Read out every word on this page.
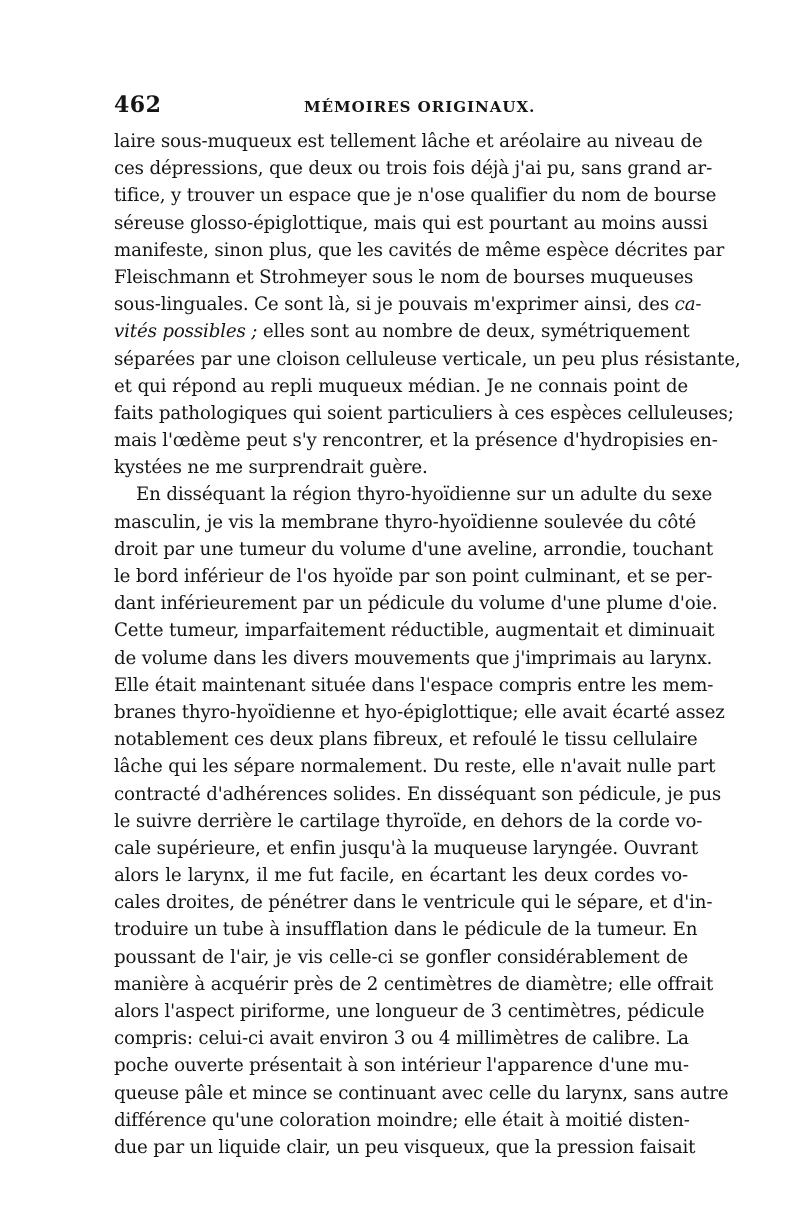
462	MÉMOIRES ORIGINAUX.
laire sous-muqueux est tellement lâche et aréolaire au niveau de
ces dépressions, que deux ou trois fois déjà j'ai pu, sans grand ar-
tifice, y trouver un espace que je n'ose qualifier du nom de bourse
séreuse glosso-épiglottique, mais qui est pourtant au moins aussi
manifeste, sinon plus, que les cavités de même espèce décrites par
Fleischmann et Strohmeyer sous le nom de bourses muqueuses
sous-linguales. Ce sont là, si je pouvais m'exprimer ainsi, des ca-
vités possibles ; elles sont au nombre de deux, symétriquement
séparées par une cloison celluleuse verticale, un peu plus résistante,
et qui répond au repli muqueux médian. Je ne connais point de
faits pathologiques qui soient particuliers à ces espèces celluleuses;
mais l'œdème peut s'y rencontrer, et la présence d'hydropisies en-
kystées ne me surprendrait guère.
En disséquant la région thyro-hyoïdienne sur un adulte du sexe
masculin, je vis la membrane thyro-hyoïdienne soulevée du côté
droit par une tumeur du volume d'une aveline, arrondie, touchant
le bord inférieur de l'os hyoïde par son point culminant, et se per-
dant inférieurement par un pédicule du volume d'une plume d'oie.
Cette tumeur, imparfaitement réductible, augmentait et diminuait
de volume dans les divers mouvements que j'imprimais au larynx.
Elle était maintenant située dans l'espace compris entre les mem-
branes thyro-hyoïdienne et hyo-épiglottique; elle avait écarté assez
notablement ces deux plans fibreux, et refoulé le tissu cellulaire
lâche qui les sépare normalement. Du reste, elle n'avait nulle part
contracté d'adhérences solides. En disséquant son pédicule, je pus
le suivre derrière le cartilage thyroïde, en dehors de la corde vo-
cale supérieure, et enfin jusqu'à la muqueuse laryngée. Ouvrant
alors le larynx, il me fut facile, en écartant les deux cordes vo-
cales droites, de pénétrer dans le ventricule qui le sépare, et d'in-
troduire un tube à insufflation dans le pédicule de la tumeur. En
poussant de l'air, je vis celle-ci se gonfler considérablement de
manière à acquérir près de 2 centimètres de diamètre; elle offrait
alors l'aspect piriforme, une longueur de 3 centimètres, pédicule
compris: celui-ci avait environ 3 ou 4 millimètres de calibre. La
poche ouverte présentait à son intérieur l'apparence d'une mu-
queuse pâle et mince se continuant avec celle du larynx, sans autre
différence qu'une coloration moindre; elle était à moitié disten-
due par un liquide clair, un peu visqueux, que la pression faisait
